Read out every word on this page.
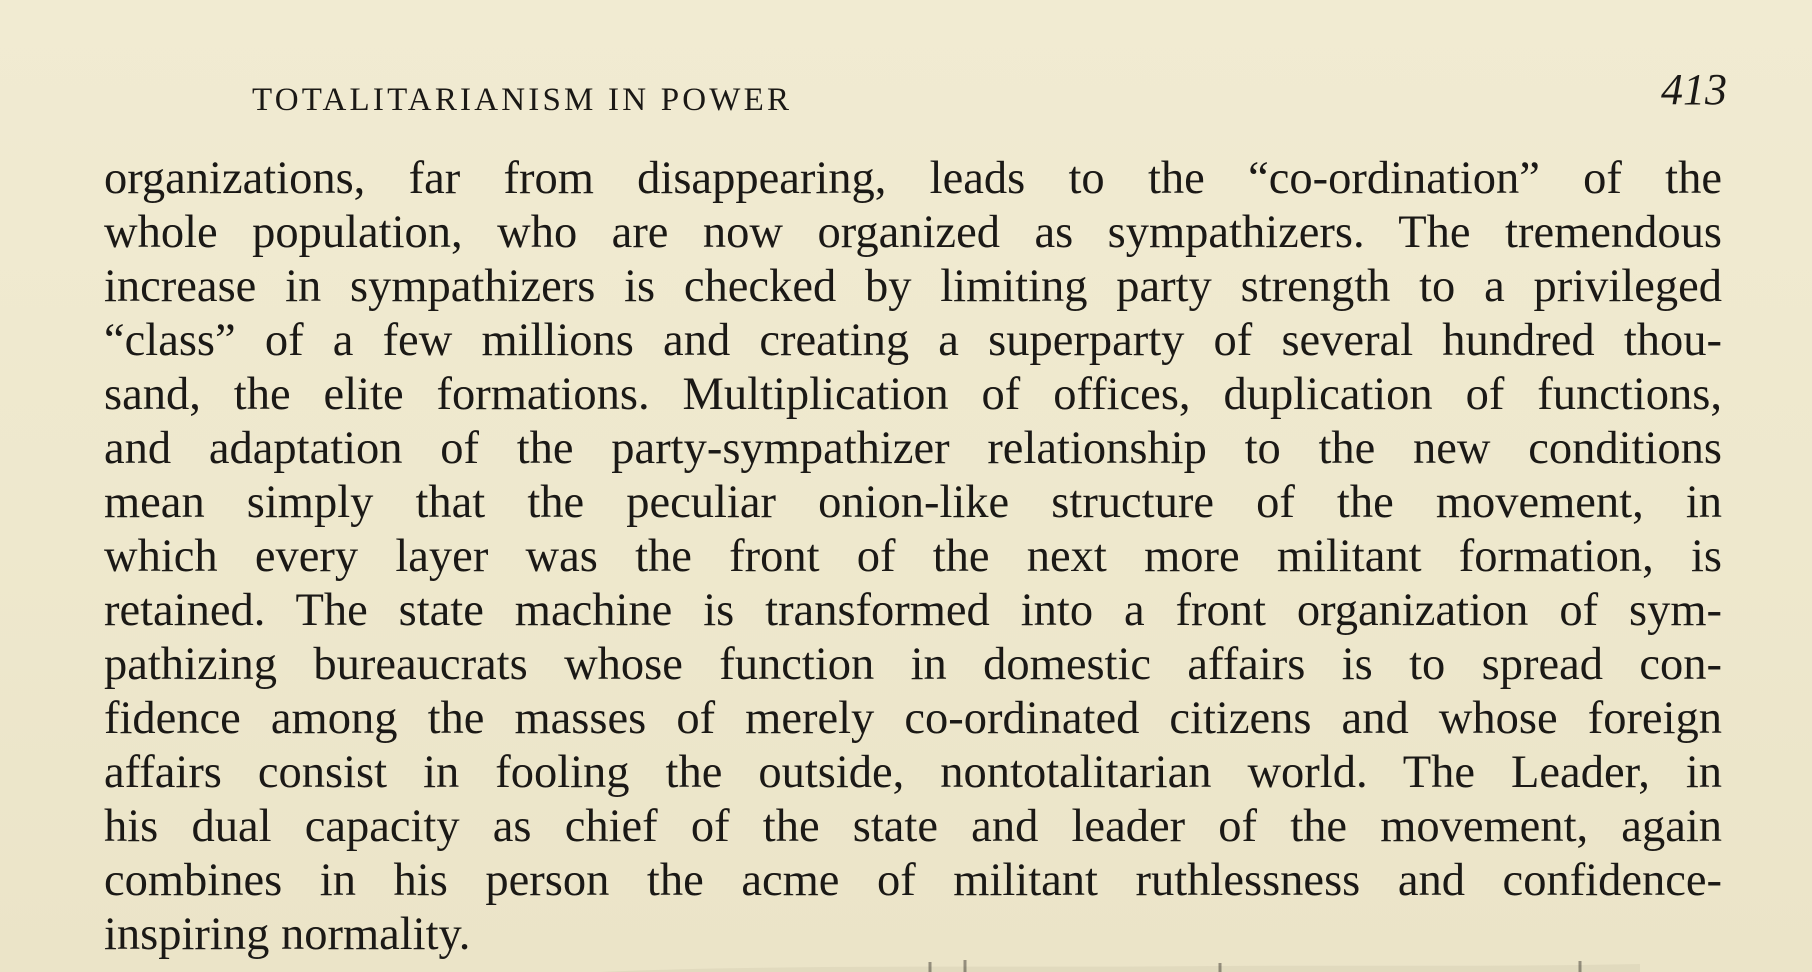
TOTALITARIANISM IN POWER	413
organizations, far from disappearing, leads to the “co-ordination” of the
whole population, who are now organized as sympathizers. The tremendous
increase in sympathizers is checked by limiting party strength to a privileged
“class” of a few millions and creating a superparty of several hundred thou-
sand, the elite formations. Multiplication of offices, duplication of functions,
and adaptation of the party-sympathizer relationship to the new conditions
mean simply that the peculiar onion-like structure of the movement, in
which every layer was the front of the next more militant formation, is
retained. The state machine is transformed into a front organization of sym-
pathizing bureaucrats whose function in domestic affairs is to spread con-
fidence among the masses of merely co-ordinated citizens and whose foreign
affairs consist in fooling the outside, nontotalitarian world. The Leader, in
his dual capacity as chief of the state and leader of the movement, again
combines in his person the acme of militant ruthlessness and confidence-
inspiring normality.
